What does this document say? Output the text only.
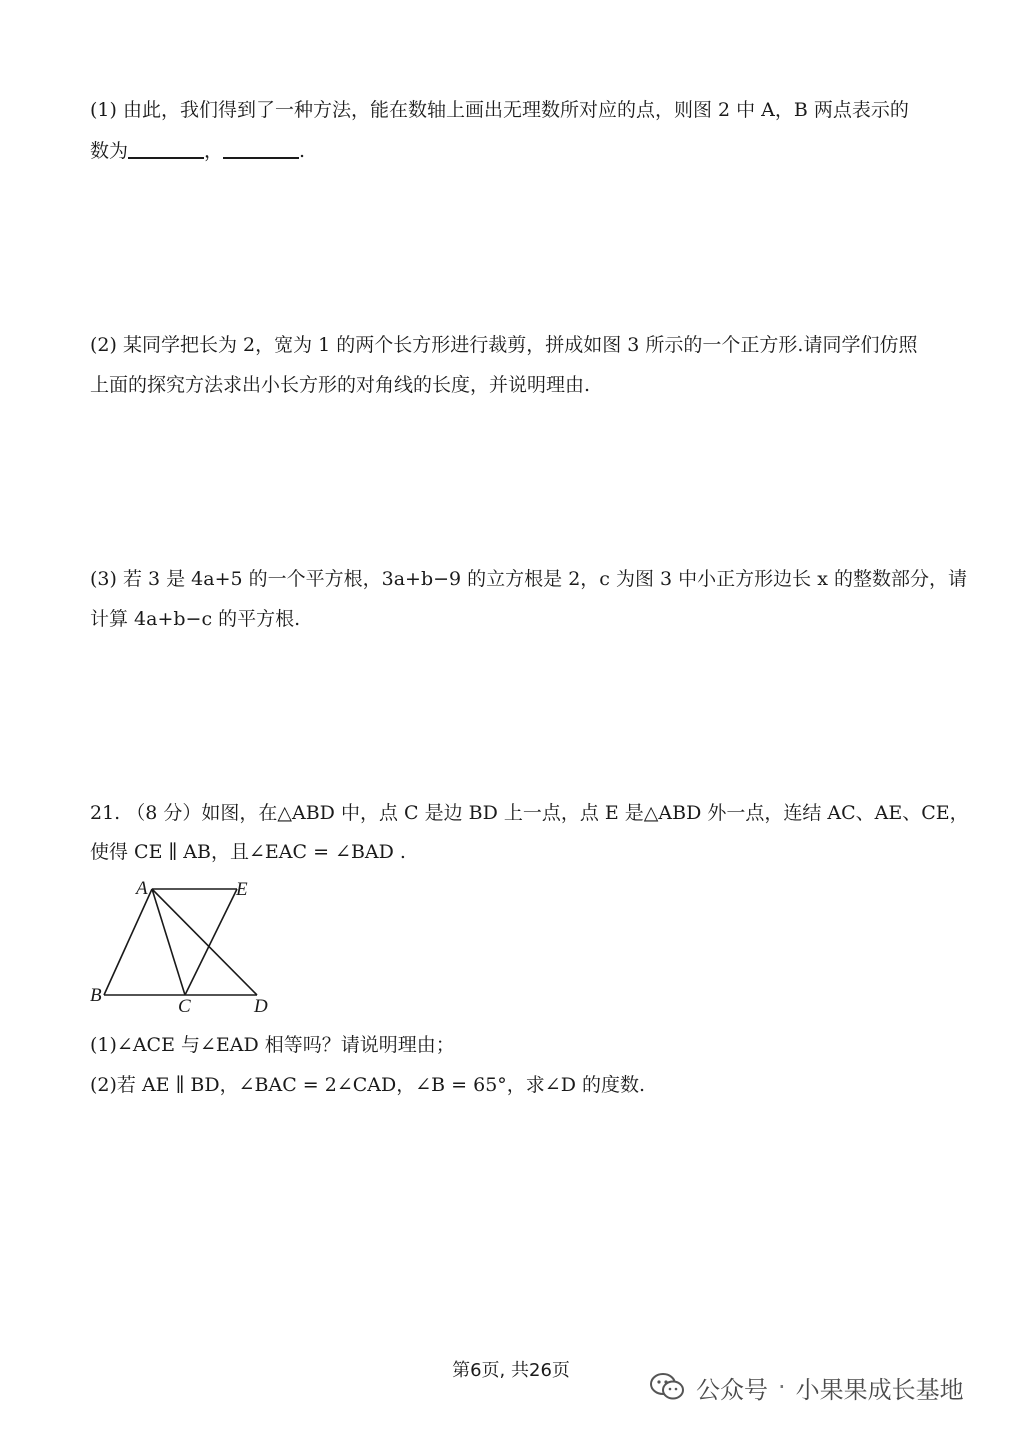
(1) 由此，我们得到了一种方法，能在数轴上画出无理数所对应的点，则图 2 中 A，B 两点表示的
数为	，	.
(2) 某同学把长为 2，宽为 1 的两个长方形进行裁剪，拼成如图 3 所示的一个正方形.请同学们仿照
上面的探究方法求出小长方形的对角线的长度，并说明理由.
(3) 若 3 是 4a+5 的一个平方根，3a+b−9 的立方根是 2，c 为图 3 中小正方形边长 x 的整数部分，请
计算 4a+b−c 的平方根.
21. （8 分）如图，在△ABD 中，点 C 是边 BD 上一点，点 E 是△ABD 外一点，连结 AC、AE、CE，
使得 CE ∥ AB，且∠EAC = ∠BAD .
A	E
B
C	D
(1)∠ACE 与∠EAD 相等吗？请说明理由；
(2)若 AE ∥ BD，∠BAC = 2∠CAD，∠B = 65°，求∠D 的度数.
第6页, 共26页
公众号 · 小果果成长基地
